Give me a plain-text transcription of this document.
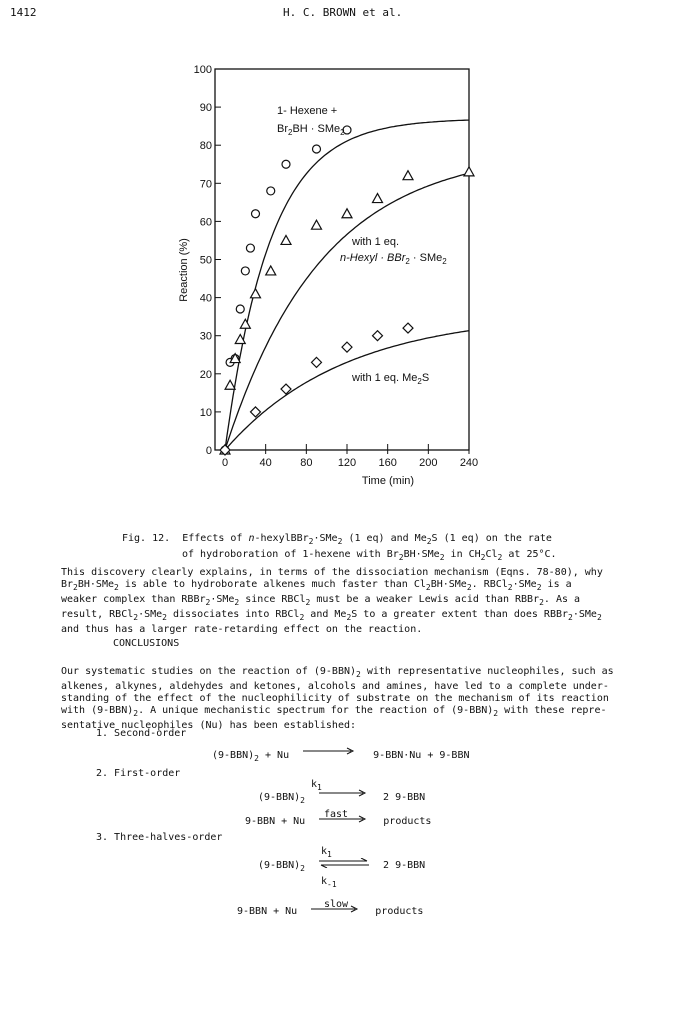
1412	H. C. BROWN et al.
0
10
20
30
40
50
60
70
80
90
100
0	40	80 120 160 200 240
1- Hexene +
$Br_2BH \cdot SMe_2$
with 1 eq.
n-Hexyl · BBr$_2$ · SMe$_2$
with 1 eq. $Me_2S$
Time (min)
Reaction (%)
Fig. 12. Effects of n-hexylBBr$_2$·SMe$_2$ (1 eq) and $Me_2S$ (1 eq) on the rate
of hydroboration of 1-hexene with $Br_2BH\cdot SMe_2$ in $CH_2Cl_2$ at 25°C.
This discovery clearly explains, in terms of the dissociation mechanism (Eqns. 78-80), why
$Br_2BH\cdot SMe_2$ is able to hydroborate alkenes much faster than $Cl_2BH\cdot SMe_2$. RBCl$_2$·SMe$_2$ is a
weaker complex than RBBr$_2$·SMe$_2$ since RBCl$_2$ must be a weaker Lewis acid than RBBr$_2$. As a
result, RBCl$_2$·SMe$_2$ dissociates into RBCl$_2$ and $Me_2S$ to a greater extent than does RBBr$_2$·SMe$_2$
and thus has a larger rate-retarding effect on the reaction.
CONCLUSIONS
Our systematic studies on the reaction of $(9-BBN)_2$ with representative nucleophiles, such as
alkenes, alkynes, aldehydes and ketones, alcohols and amines, have led to a complete under-
standing of the effect of the nucleophilicity of substrate on the mechanism of its reaction
with $(9-BBN)_2$. A unique mechanistic spectrum for the reaction of $(9-BBN)_2$ with these repre-
sentative nucleophiles (Nu) has been established:
1. Second-order
$(9-BBN)_2 + Nu$	9-BBN·Nu + 9-BBN
2. First-order
$k_1$
$(9-BBN)_2$	2 9-BBN
fast
9-BBN + Nu	products
3. Three-halves-order
$k_1$
$(9-BBN)_2$	2 9-BBN
$k_{-1}$
slow
9-BBN + Nu	products
